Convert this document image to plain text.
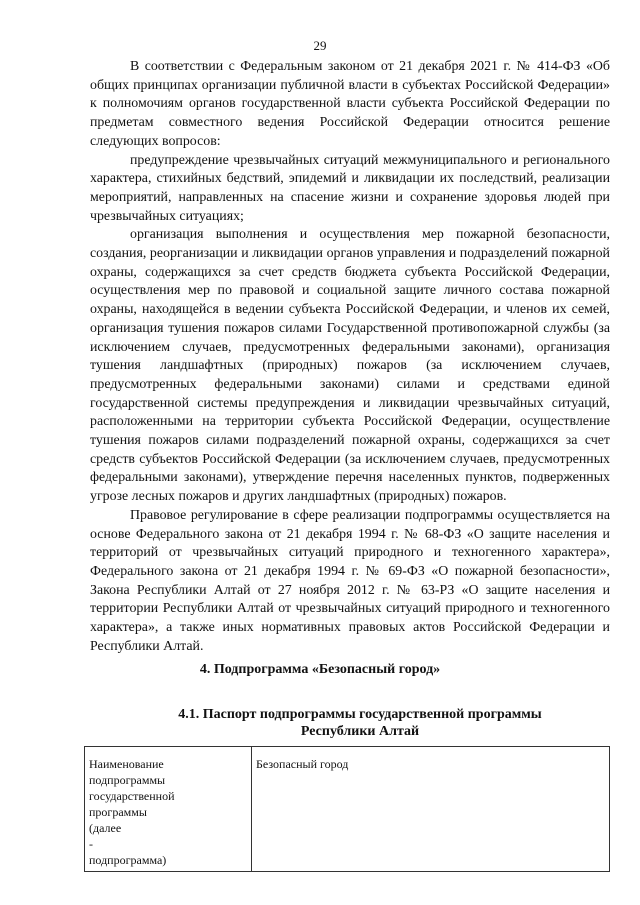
29

В соответствии с Федеральным законом от 21 декабря 2021 г. № 414-ФЗ «Об общих принципах организации публичной власти в субъектах Российской Федерации» к полномочиям органов государственной власти субъекта Российской Федерации по предметам совместного ведения Российской Федерации относится решение следующих вопросов:

предупреждение чрезвычайных ситуаций межмуниципального и регионального характера, стихийных бедствий, эпидемий и ликвидации их последствий, реализации мероприятий, направленных на спасение жизни и сохранение здоровья людей при чрезвычайных ситуациях;

организация выполнения и осуществления мер пожарной безопасности, создания, реорганизации и ликвидации органов управления и подразделений пожарной охраны, содержащихся за счет средств бюджета субъекта Российской Федерации, осуществления мер по правовой и социальной защите личного состава пожарной охраны, находящейся в ведении субъекта Российской Федерации, и членов их семей, организация тушения пожаров силами Государственной противопожарной службы (за исключением случаев, предусмотренных федеральными законами), организация тушения ландшафтных (природных) пожаров (за исключением случаев, предусмотренных федеральными законами) силами и средствами единой государственной системы предупреждения и ликвидации чрезвычайных ситуаций, расположенными на территории субъекта Российской Федерации, осуществление тушения пожаров силами подразделений пожарной охраны, содержащихся за счет средств субъектов Российской Федерации (за исключением случаев, предусмотренных федеральными законами), утверждение перечня населенных пунктов, подверженных угрозе лесных пожаров и других ландшафтных (природных) пожаров.

Правовое регулирование в сфере реализации подпрограммы осуществляется на основе Федерального закона от 21 декабря 1994 г. № 68-ФЗ «О защите населения и территорий от чрезвычайных ситуаций природного и техногенного характера», Федерального закона от 21 декабря 1994 г. № 69-ФЗ «О пожарной безопасности», Закона Республики Алтай от 27 ноября 2012 г. № 63-РЗ «О защите населения и территории Республики Алтай от чрезвычайных ситуаций природного и техногенного характера», а также иных нормативных правовых актов Российской Федерации и Республики Алтай.

4. Подпрограмма «Безопасный город»
4.1. Паспорт подпрограммы государственной программы Республики Алтай
Наименование
подпрограммы
государственной
программы
(далее
-
подпрограмма)
	Безопасный город
